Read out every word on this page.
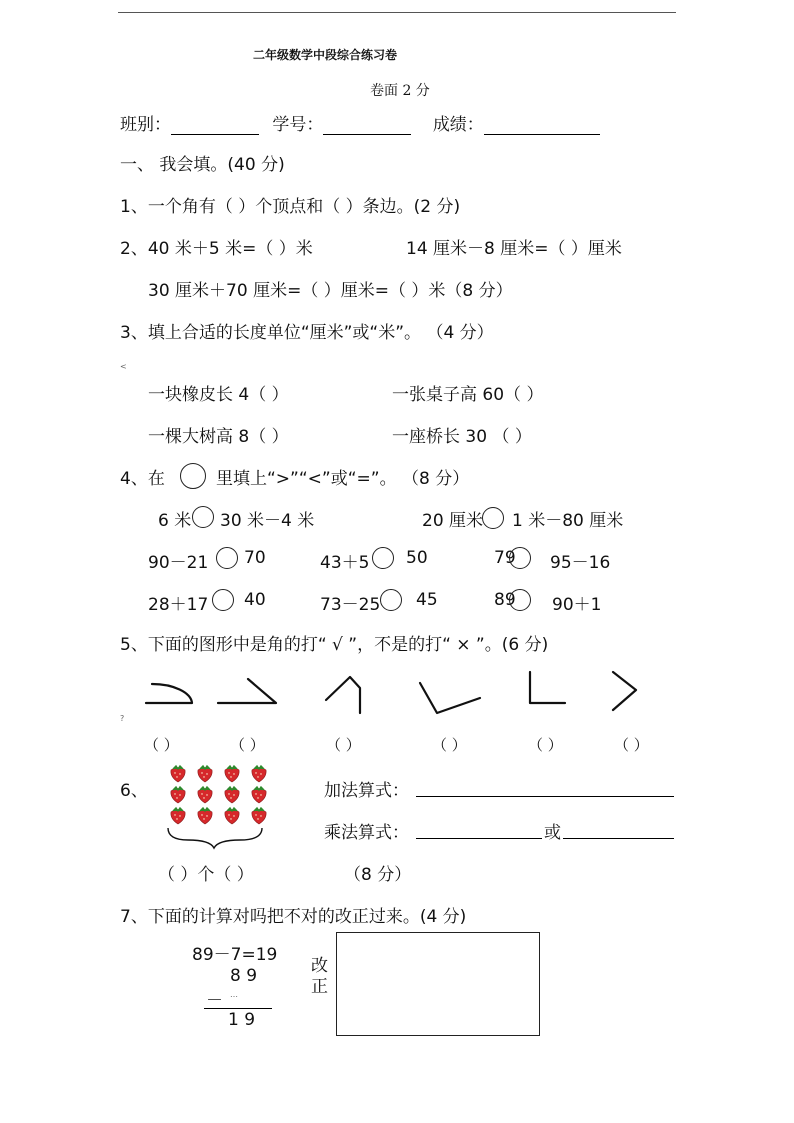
二年级数学中段综合练习卷
卷面 2 分
班别：	学号：	成绩：
一、 我会填。(40 分)
1、一个角有（ ）个顶点和（ ）条边。(2 分)
2、40 米＋5 米=（ ）米	14 厘米－8 厘米=（ ）厘米
30 厘米＋70 厘米=（ ）厘米=（ ）米（8 分）
3、填上合适的长度单位“厘米”或“米”。 （4 分）
<
一块橡皮长 4（ ）	一张桌子高 60（ ）
一棵大树高 8（ ）	一座桥长 30 （ ）
4、在	里填上“>”“<”或“=”。 （8 分）
6 米 30 米－4 米	20 厘米 1 米－80 厘米
90－21 70	43＋5 50	79 95－16
28＋17 40	73－25 45	89 90＋1
5、下面的图形中是角的打“ √ ”，不是的打“ × ”。(6 分)
?
（ ）	（ ）	（ ）	（ ）	（ ）	（ ）
6、	加法算式：
乘法算式：	或
（ ）个（ ）	（8 分）
7、下面的计算对吗把不对的改正过来。(4 分)
89－7=19
8 9
－ …
1 9
改正
